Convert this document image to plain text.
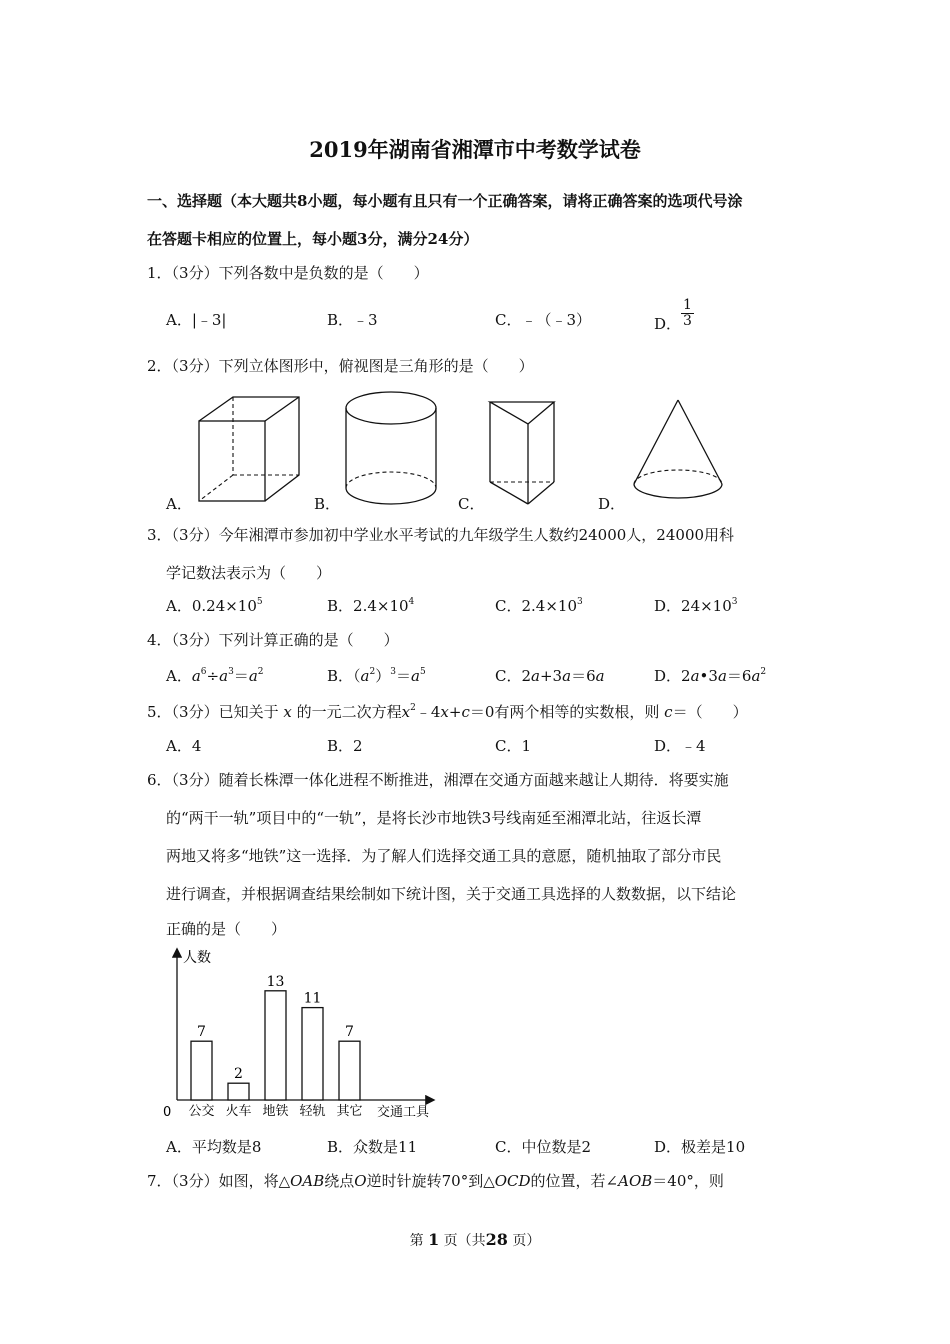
2019年湖南省湘潭市中考数学试卷
一、选择题（本大题共8小题，每小题有且只有一个正确答案，请将正确答案的选项代号涂
在答题卡相应的位置上，每小题3分，满分24分）
1．（3分）下列各数中是负数的是（　　）
A．|﹣3|	B．﹣3	C．﹣（﹣3）	D． $\frac{1}{3}$
2．（3分）下列立体图形中，俯视图是三角形的是（　　）
A．	B．	C．	D．
3．（3分）今年湘潭市参加初中学业水平考试的九年级学生人数约24000人，24000用科
学记数法表示为（　　）
A．$0.24\times 10^5$	B．$2.4\times 10^4$	C．$2.4\times 10^3$	D．$24\times 10^3$
4．（3分）下列计算正确的是（　　）
A．$a^6\div a^3=a^2$	B．$(a^2)^3=a^5$	C．2a+3a＝6a	D．$2a•3a=6a^2$
5．（3分）已知关于 x 的一元二次方程$x^2﹣4x+c=0$有两个相等的实数根，则 c＝（　　）
A．4	B．2	C．1	D．﹣4
6．（3分）随着长株潭一体化进程不断推进，湘潭在交通方面越来越让人期待．将要实施
的“两干一轨”项目中的“一轨”，是将长沙市地铁3号线南延至湘潭北站，往返长潭
两地又将多“地铁”这一选择．为了解人们选择交通工具的意愿，随机抽取了部分市民
进行调查，并根据调查结果绘制如下统计图，关于交通工具选择的人数数据，以下结论
正确的是（　　）
人数
0	交通工具
7
公交
2
火车
13
地铁
11
轻轨
7
其它
A．平均数是8	B．众数是11	C．中位数是2	D．极差是10
7．（3分）如图，将△OAB绕点O逆时针旋转70°到△OCD的位置，若∠AOB＝40°，则
第 1 页（共28 页）
